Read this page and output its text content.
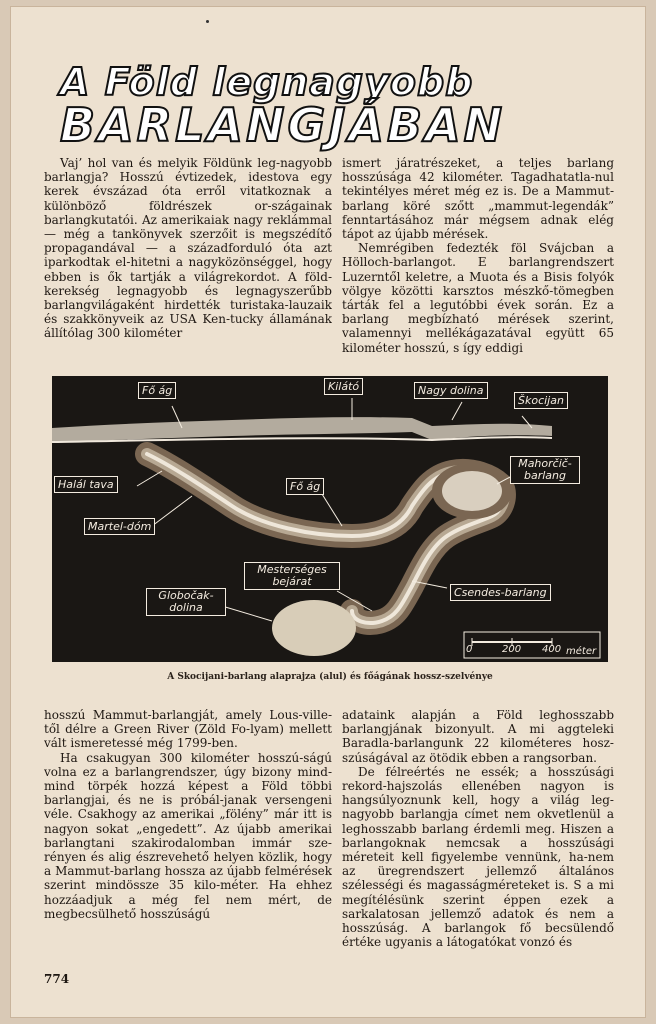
A Föld legnagyobb
BARLANGJÁBAN

Vaj’ hol van és melyik Földünk leg-nagyobb barlangja? Hosszú évtizedek, idestova egy kerek évszázad óta erről vitatkoznak a különböző földrészek or-szágainak barlangkutatói. Az amerikaiak nagy reklámmal — még a tankönyvek szerzőit is megszédítő propagandával — a századforduló óta azt iparkodtak el-hitetni a nagyközönséggel, hogy ebben is ők tartják a világrekordot. A föld-kerekség legnagyobb és legnagyszerűbb barlangvilágaként hirdették turistaka-lauzaik és szakkönyveik az USA Ken-tucky államának állítólag 300 kilométer

ismert járatrészeket, a teljes barlang hosszúsága 42 kilométer. Tagadhatatla-nul tekintélyes méret még ez is. De a Mammut-barlang köré szőtt „mammut-legendák” fenntartásához már mégsem adnak elég tápot az újabb mérések.

Nemrégiben fedezték föl Svájcban a Hölloch-barlangot. E barlangrendszert Luzerntől keletre, a Muota és a Bisis folyók völgye közötti karsztos mészkő-tömegben tárták fel a legutóbbi évek során. Ez a barlang megbízható mérések szerint, valamennyi mellékágazatával együtt 65 kilométer hosszú, s így eddigi

Fő ág	Kilátó	Nagy dolina
Škocijan
Mahorčič-barlang
Halál tava	Fő ág
Martel-dóm
Mesterséges bejárat
Globočak-dolina
Csendes-barlang
0	200 400 méter
A Skocijani-barlang alaprajza (alul) és főágának hossz-szelvénye

hosszú Mammut-barlangját, amely Lous-ville-től délre a Green River (Zöld Fo-lyam) mellett vált ismeretessé még 1799-ben.

Ha csakugyan 300 kilométer hosszú-ságú volna ez a barlangrendszer, úgy bizony mind-mind törpék hozzá képest a Föld többi barlangjai, és ne is próbál-janak versengeni véle. Csakhogy az amerikai „fölény” már itt is nagyon sokat „engedett”. Az újabb amerikai barlangtani szakirodalomban immár sze-rényen és alig észrevehető helyen közlik, hogy a Mammut-barlang hossza az újabb felmérések szerint mindössze 35 kilo-méter. Ha ehhez hozzáadjuk a még fel nem mért, de megbecsülhető hosszúságú

adataink alapján a Föld leghosszabb barlangjának bizonyult. A mi aggteleki Baradla-barlangunk 22 kilométeres hosz-szúságával az ötödik ebben a rangsorban.

De félreértés ne essék; a hosszúsági rekord-hajszolás ellenében nagyon is hangsúlyoznunk kell, hogy a világ leg-nagyobb barlangja címet nem okvetlenül a leghosszabb barlang érdemli meg. Hiszen a barlangoknak nemcsak a hosszúsági méreteit kell figyelembe vennünk, ha-nem az üregrendszert jellemző általános szélességi és magasságméreteket is. S a mi megítélésünk szerint éppen ezek a sarkalatosan jellemző adatok és nem a hosszúság. A barlangok fő becsülendő értéke ugyanis a látogatókat vonzó és

774
